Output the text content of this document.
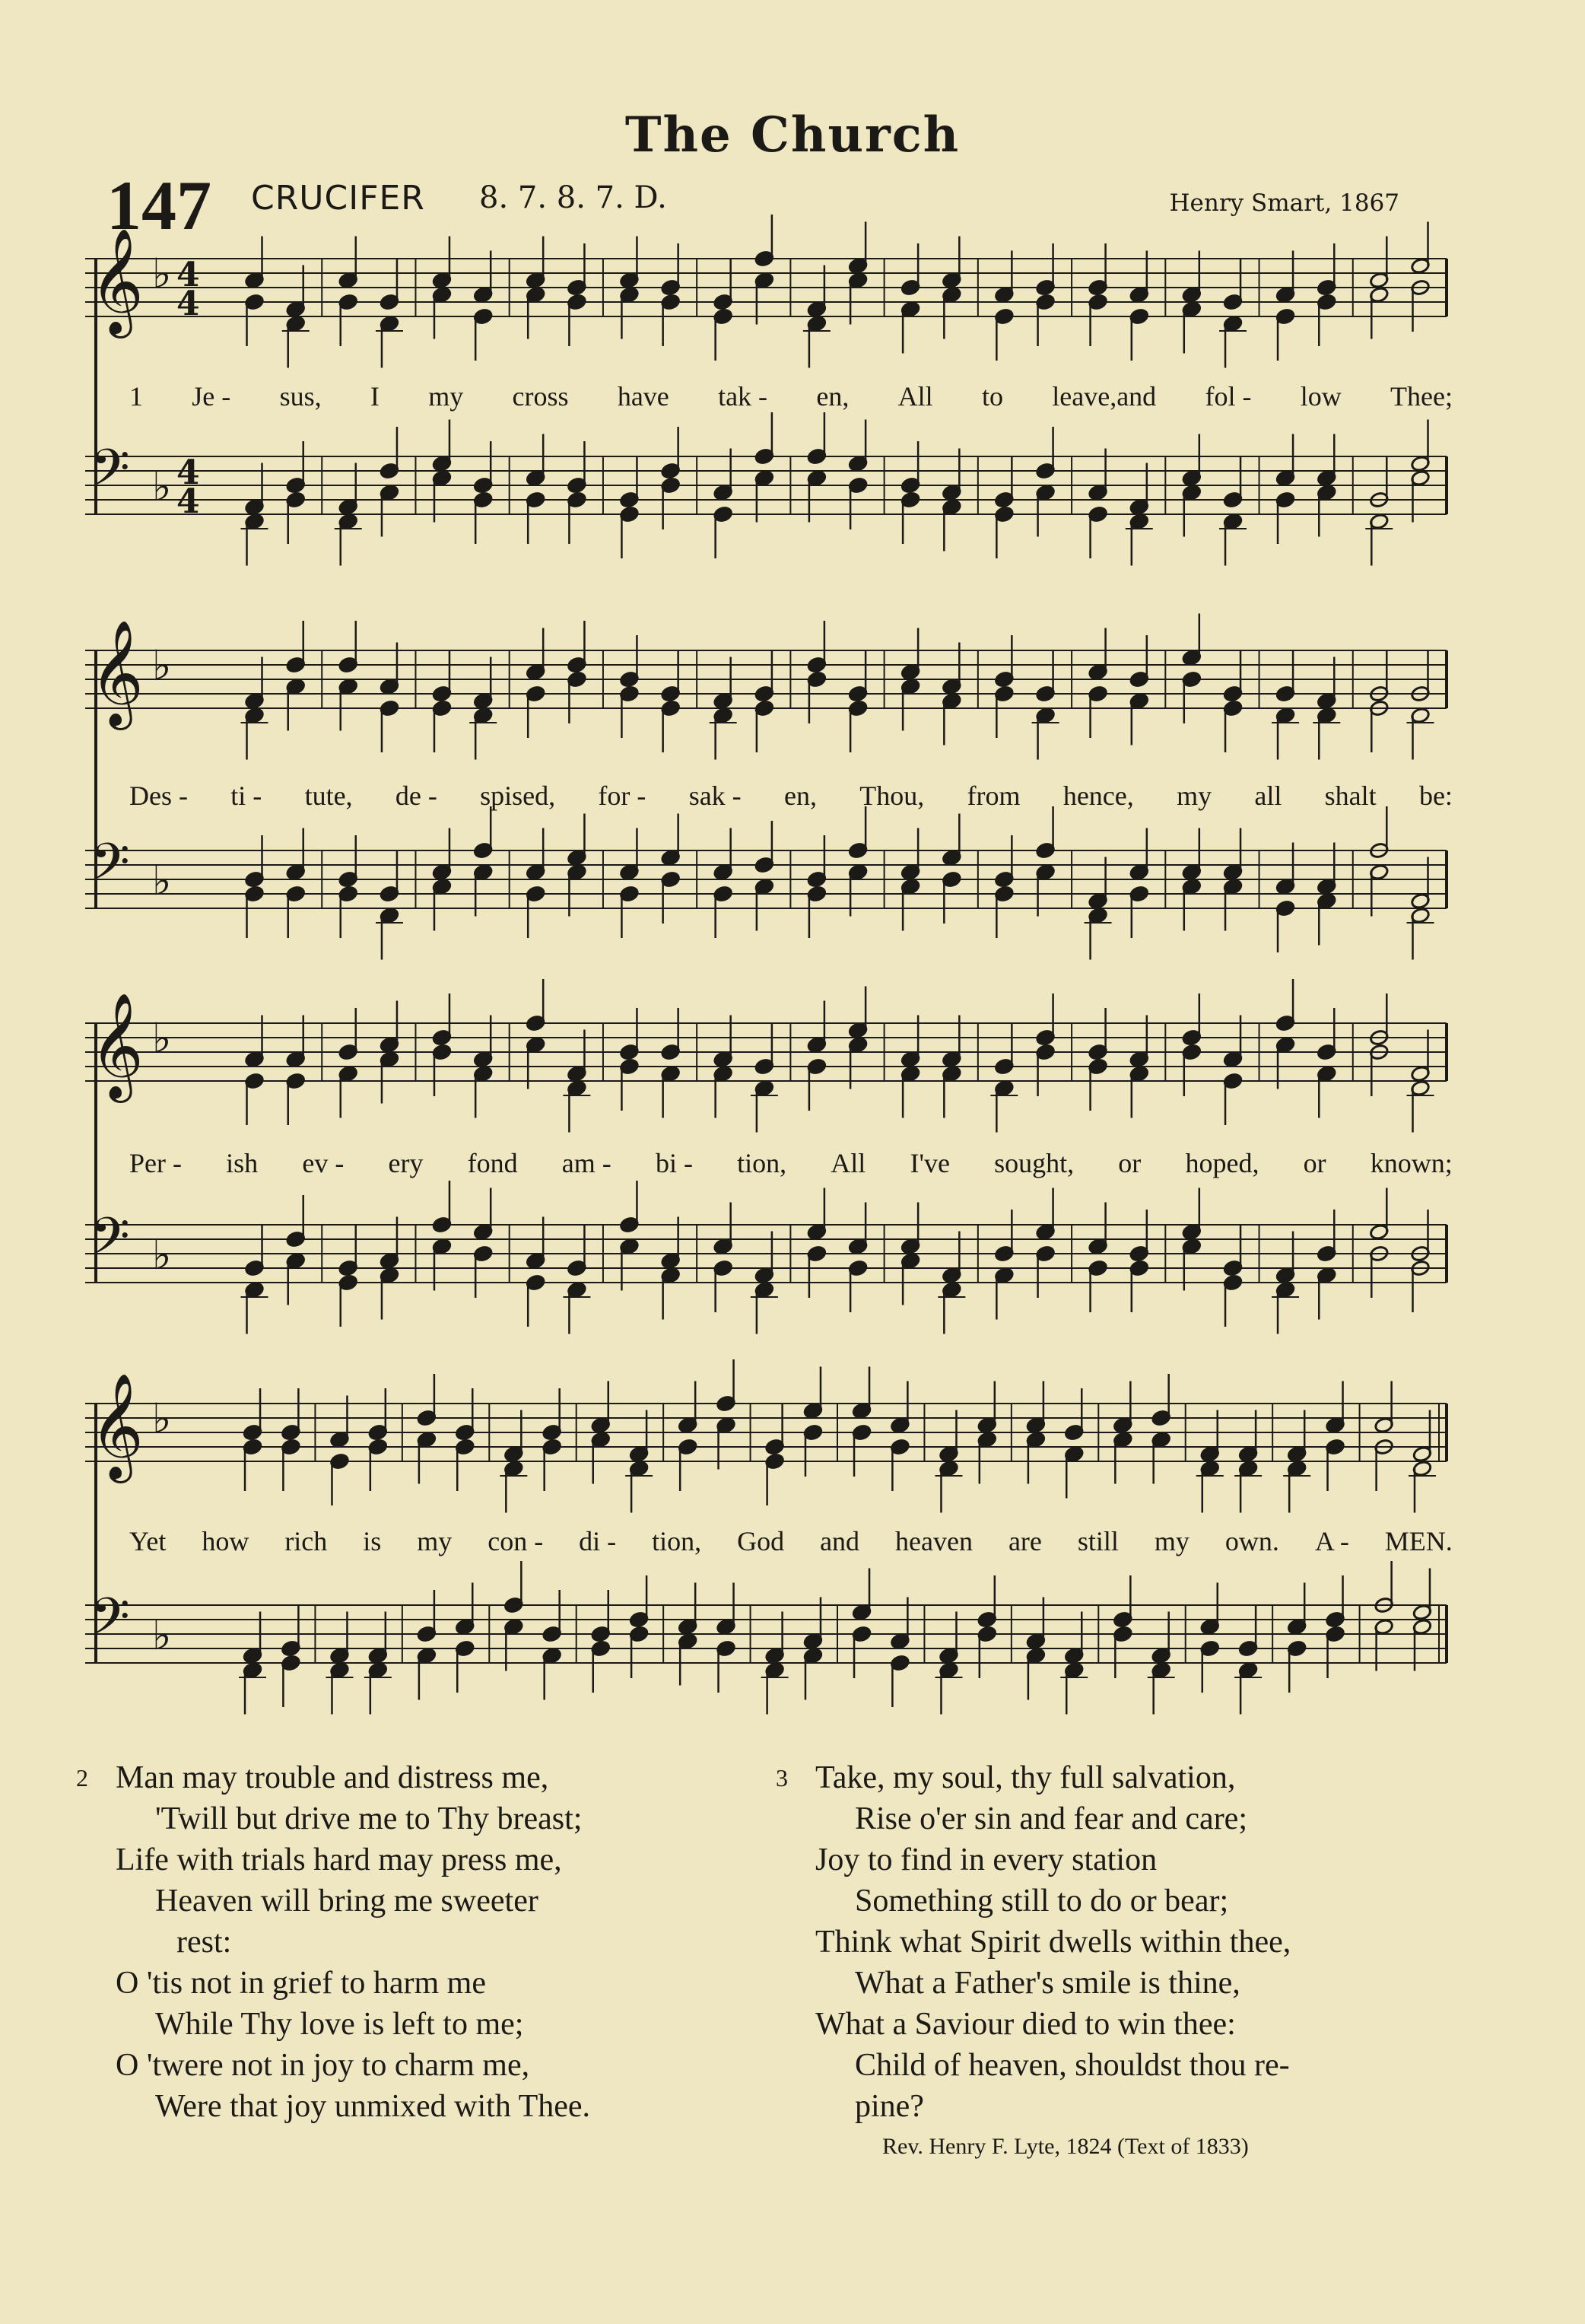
The Church
147 CRUCIFER 8. 7. 8. 7. D.	Henry Smart, 1867
𝄞 ♭ 4
4
𝄢 ♭ 4
4
𝄞 ♭
𝄢 ♭
𝄞 ♭
𝄢 ♭
𝄞 ♭
𝄢 ♭
1 Je - sus, I my cross have tak - en, All to leave,and fol - low Thee;
Des - ti - tute, de - spised, for - sak - en, Thou, from hence, my all shalt be:
Per - ish ev - ery fond am - bi - tion, All I've sought, or hoped, or known;
Yet how rich is my con - di - tion, God and heaven are still my own. A - MEN.
2 Man may trouble and distress me,
'Twill but drive me to Thy breast;
Life with trials hard may press me,
Heaven will bring me sweeter
rest:
O 'tis not in grief to harm me
While Thy love is left to me;
O 'twere not in joy to charm me,
Were that joy unmixed with Thee.
3 Take, my soul, thy full salvation,
Rise o'er sin and fear and care;
Joy to find in every station
Something still to do or bear;
Think what Spirit dwells within thee,
What a Father's smile is thine,
What a Saviour died to win thee:
Child of heaven, shouldst thou re-
pine?
Rev. Henry F. Lyte, 1824 (Text of 1833)
